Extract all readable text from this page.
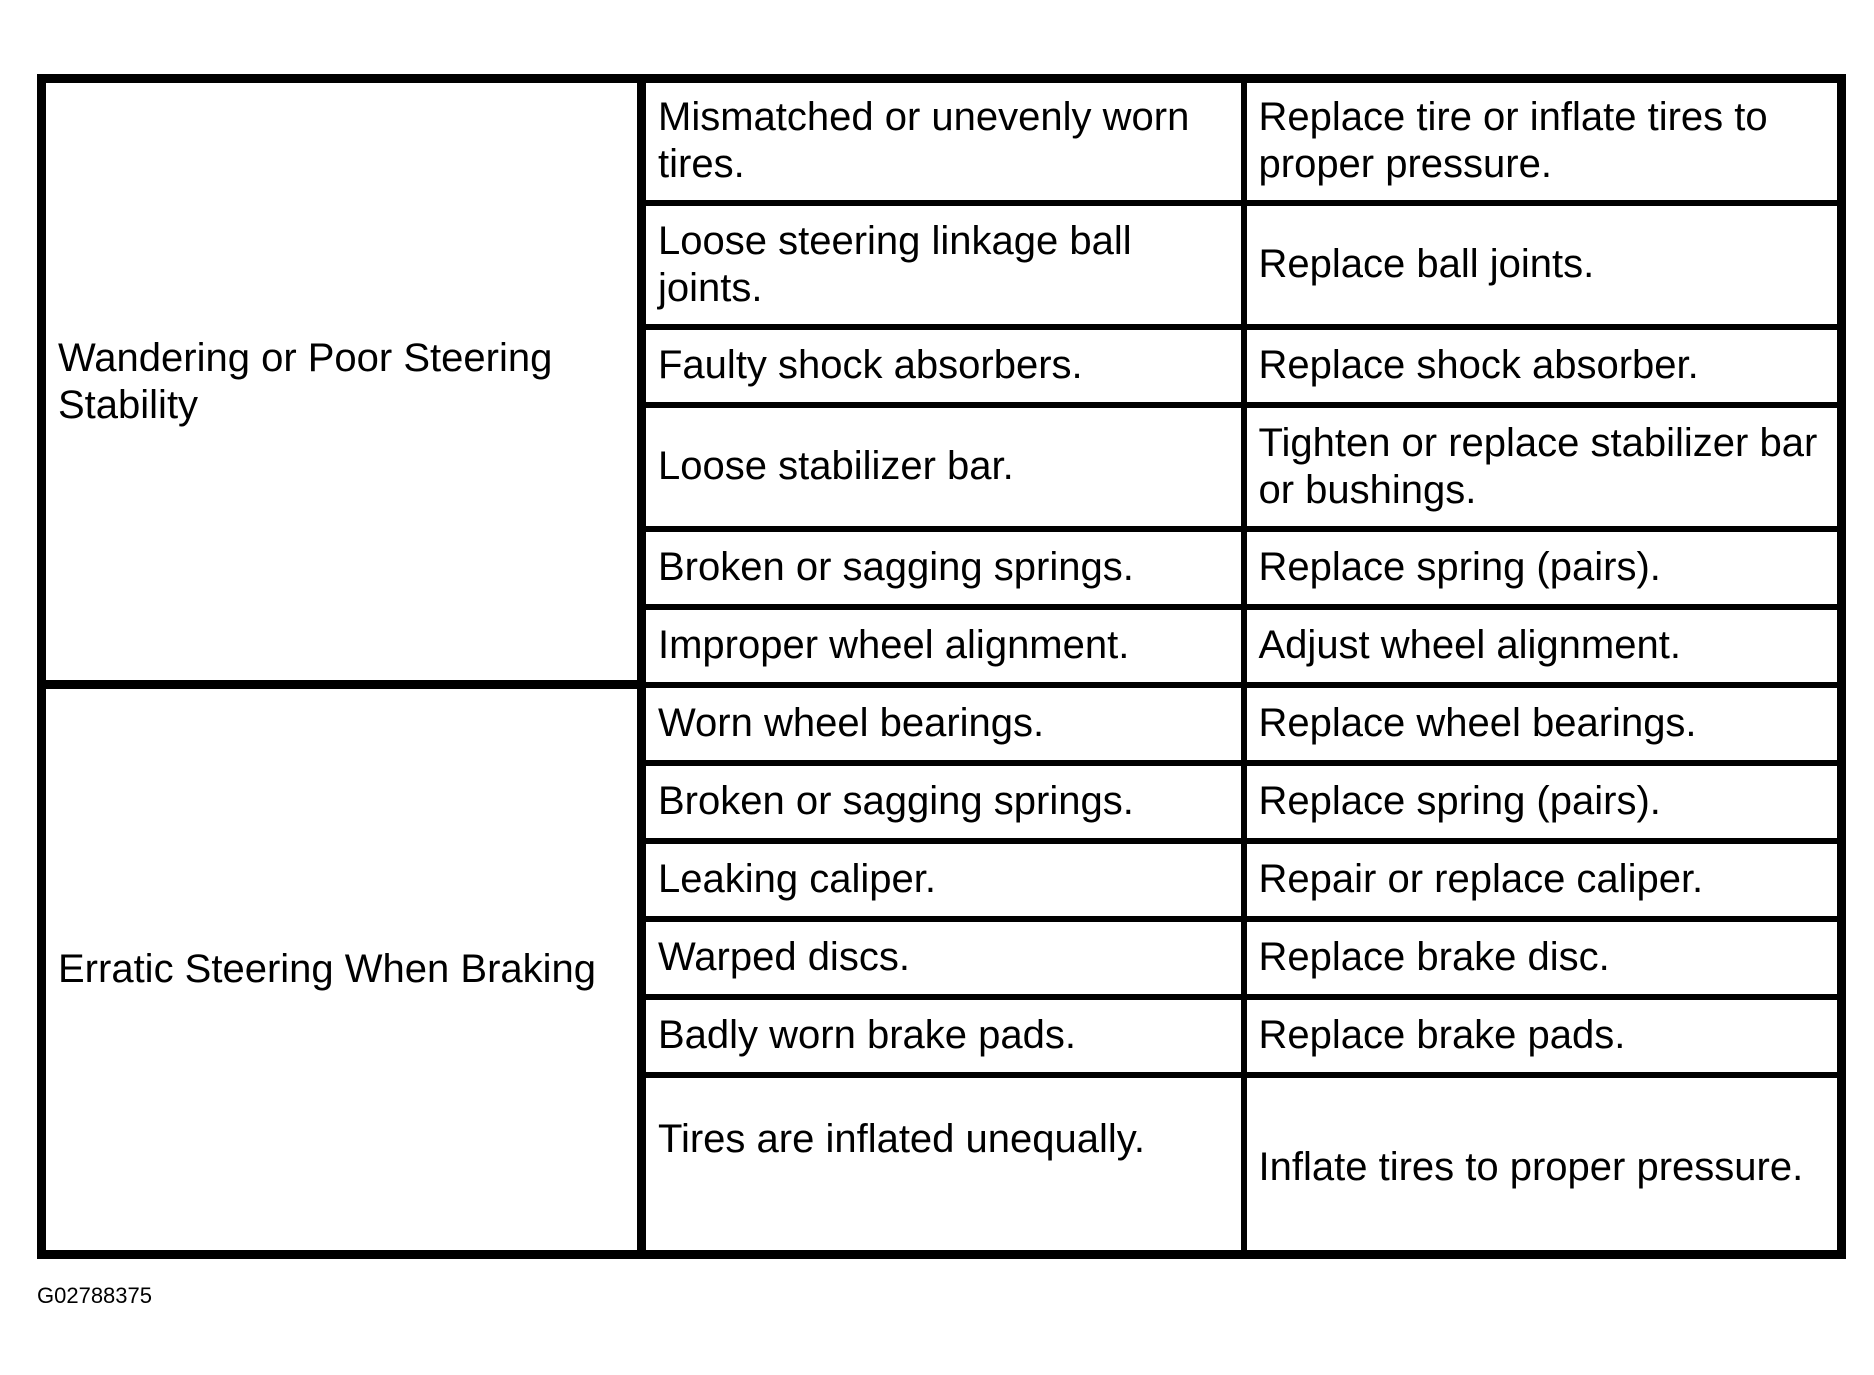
Wandering or Poor Steering Stability	Mismatched or unevenly worn tires.	Replace tire or inflate tires to proper pressure.
	Loose steering linkage ball joints.	Replace ball joints.
	Faulty shock absorbers.	Replace shock absorber.
	Loose stabilizer bar.	Tighten or replace stabilizer bar or bushings.
	Broken or sagging springs.	Replace spring (pairs).
	Improper wheel alignment.	Adjust wheel alignment.
Erratic Steering When Braking	Worn wheel bearings.	Replace wheel bearings.
	Broken or sagging springs.	Replace spring (pairs).
	Leaking caliper.	Repair or replace caliper.
	Warped discs.	Replace brake disc.
	Badly worn brake pads.	Replace brake pads.
	Tires are inflated unequally.	Inflate tires to proper pressure.
G02788375
